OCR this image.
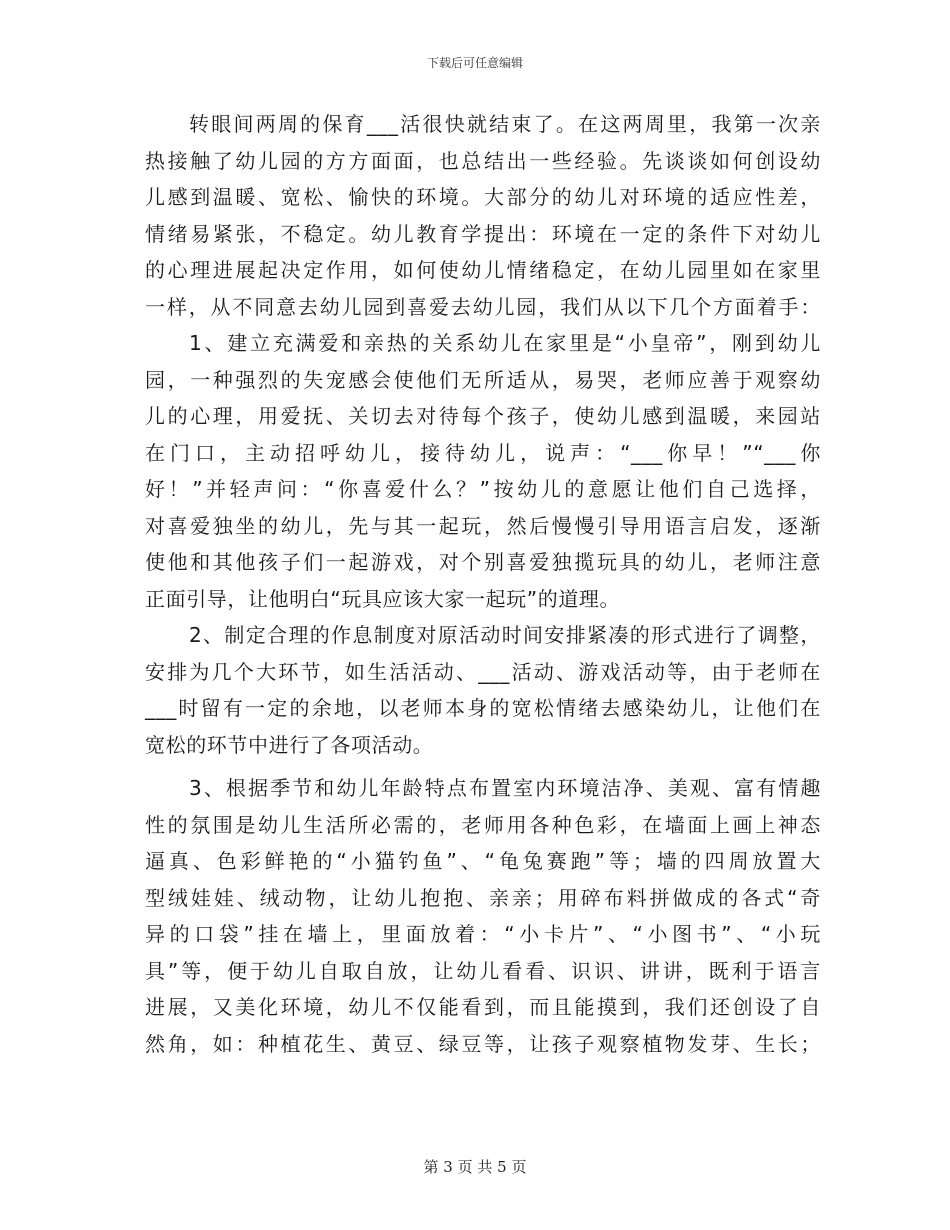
下载后可任意编辑
转眼间两周的保育___活很快就结束了。在这两周里，我第一次亲
热接触了幼儿园的方方面面，也总结出一些经验。先谈谈如何创设幼
儿感到温暖、宽松、愉快的环境。大部分的幼儿对环境的适应性差，
情绪易紧张，不稳定。幼儿教育学提出：环境在一定的条件下对幼儿
的心理进展起决定作用，如何使幼儿情绪稳定，在幼儿园里如在家里
一样，从不同意去幼儿园到喜爱去幼儿园，我们从以下几个方面着手：
1、建立充满爱和亲热的关系幼儿在家里是“小皇帝”，刚到幼儿
园，一种强烈的失宠感会使他们无所适从，易哭，老师应善于观察幼
儿的心理，用爱抚、关切去对待每个孩子，使幼儿感到温暖，来园站
在门口，主动招呼幼儿，接待幼儿，说声：“___你早！”“___你
好！”并轻声问：“你喜爱什么？”按幼儿的意愿让他们自己选择，
对喜爱独坐的幼儿，先与其一起玩，然后慢慢引导用语言启发，逐渐
使他和其他孩子们一起游戏，对个别喜爱独揽玩具的幼儿，老师注意
正面引导，让他明白“玩具应该大家一起玩”的道理。
2、制定合理的作息制度对原活动时间安排紧凑的形式进行了调整，
安排为几个大环节，如生活活动、___活动、游戏活动等，由于老师在
___时留有一定的余地，以老师本身的宽松情绪去感染幼儿，让他们在
宽松的环节中进行了各项活动。
3、根据季节和幼儿年龄特点布置室内环境洁净、美观、富有情趣
性的氛围是幼儿生活所必需的，老师用各种色彩，在墙面上画上神态
逼真、色彩鲜艳的“小猫钓鱼”、“龟兔赛跑”等；墙的四周放置大
型绒娃娃、绒动物，让幼儿抱抱、亲亲；用碎布料拼做成的各式“奇
异的口袋”挂在墙上，里面放着：“小卡片”、“小图书”、“小玩
具”等，便于幼儿自取自放，让幼儿看看、识识、讲讲，既利于语言
进展，又美化环境，幼儿不仅能看到，而且能摸到，我们还创设了自
然角，如：种植花生、黄豆、绿豆等，让孩子观察植物发芽、生长；
第 3 页 共 5 页
